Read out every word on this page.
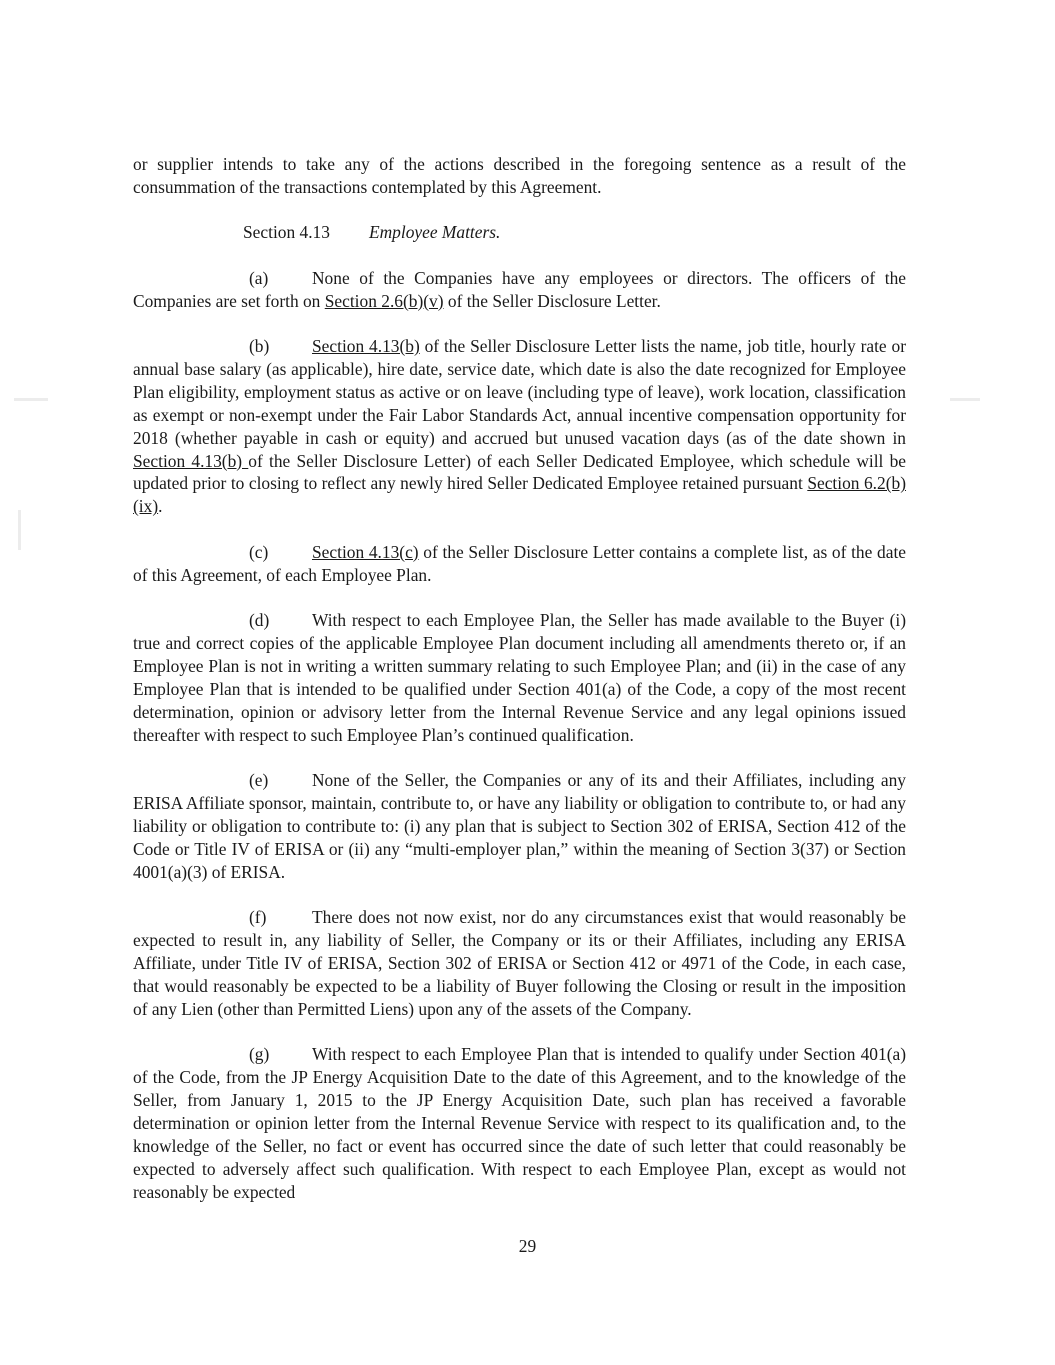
or supplier intends to take any of the actions described in the foregoing sentence as a result of the consummation of the transactions contemplated by this Agreement.

Section 4.13 Employee Matters.

(a)	None of the Companies have any employees or directors. The officers of the Companies are set forth on Section 2.6(b)(v) of the Seller Disclosure Letter.

(b) Section 4.13(b) of the Seller Disclosure Letter lists the name, job title, hourly rate or annual base salary (as applicable), hire date, service date, which date is also the date recognized for Employee Plan eligibility, employment status as active or on leave (including type of leave), work location, classification as exempt or non-exempt under the Fair Labor Standards Act, annual incentive compensation opportunity for 2018 (whether payable in cash or equity) and accrued but unused vacation days (as of the date shown in Section 4.13(b) of the Seller Disclosure Letter) of each Seller Dedicated Employee, which schedule will be updated prior to closing to reflect any newly hired Seller Dedicated Employee retained pursuant Section 6.2(b)(ix).

(c)	Section 4.13(c) of the Seller Disclosure Letter contains a complete list, as of the date of this Agreement, of each Employee Plan.

(d) With respect to each Employee Plan, the Seller has made available to the Buyer (i) true and correct copies of the applicable Employee Plan document including all amendments thereto or, if an Employee Plan is not in writing a written summary relating to such Employee Plan; and (ii) in the case of any Employee Plan that is intended to be qualified under Section 401(a) of the Code, a copy of the most recent determination, opinion or advisory letter from the Internal Revenue Service and any legal opinions issued thereafter with respect to such Employee Plan’s continued qualification.

(e)	None of the Seller, the Companies or any of its and their Affiliates, including any ERISA Affiliate sponsor, maintain, contribute to, or have any liability or obligation to contribute to, or had any liability or obligation to contribute to: (i) any plan that is subject to Section 302 of ERISA, Section 412 of the Code or Title IV of ERISA or (ii) any “multi-employer plan,” within the meaning of Section 3(37) or Section 4001(a)(3) of ERISA.

(f)	There does not now exist, nor do any circumstances exist that would reasonably be expected to result in, any liability of Seller, the Company or its or their Affiliates, including any ERISA Affiliate, under Title IV of ERISA, Section 302 of ERISA or Section 412 or 4971 of the Code, in each case, that would reasonably be expected to be a liability of Buyer following the Closing or result in the imposition of any Lien (other than Permitted Liens) upon any of the assets of the Company.

(g) With respect to each Employee Plan that is intended to qualify under Section 401(a) of the Code, from the JP Energy Acquisition Date to the date of this Agreement, and to the knowledge of the Seller, from January 1, 2015 to the JP Energy Acquisition Date, such plan has received a favorable determination or opinion letter from the Internal Revenue Service with respect to its qualification and, to the knowledge of the Seller, no fact or event has occurred since the date of such letter that could reasonably be expected to adversely affect such qualification. With respect to each Employee Plan, except as would not reasonably be expected

29
